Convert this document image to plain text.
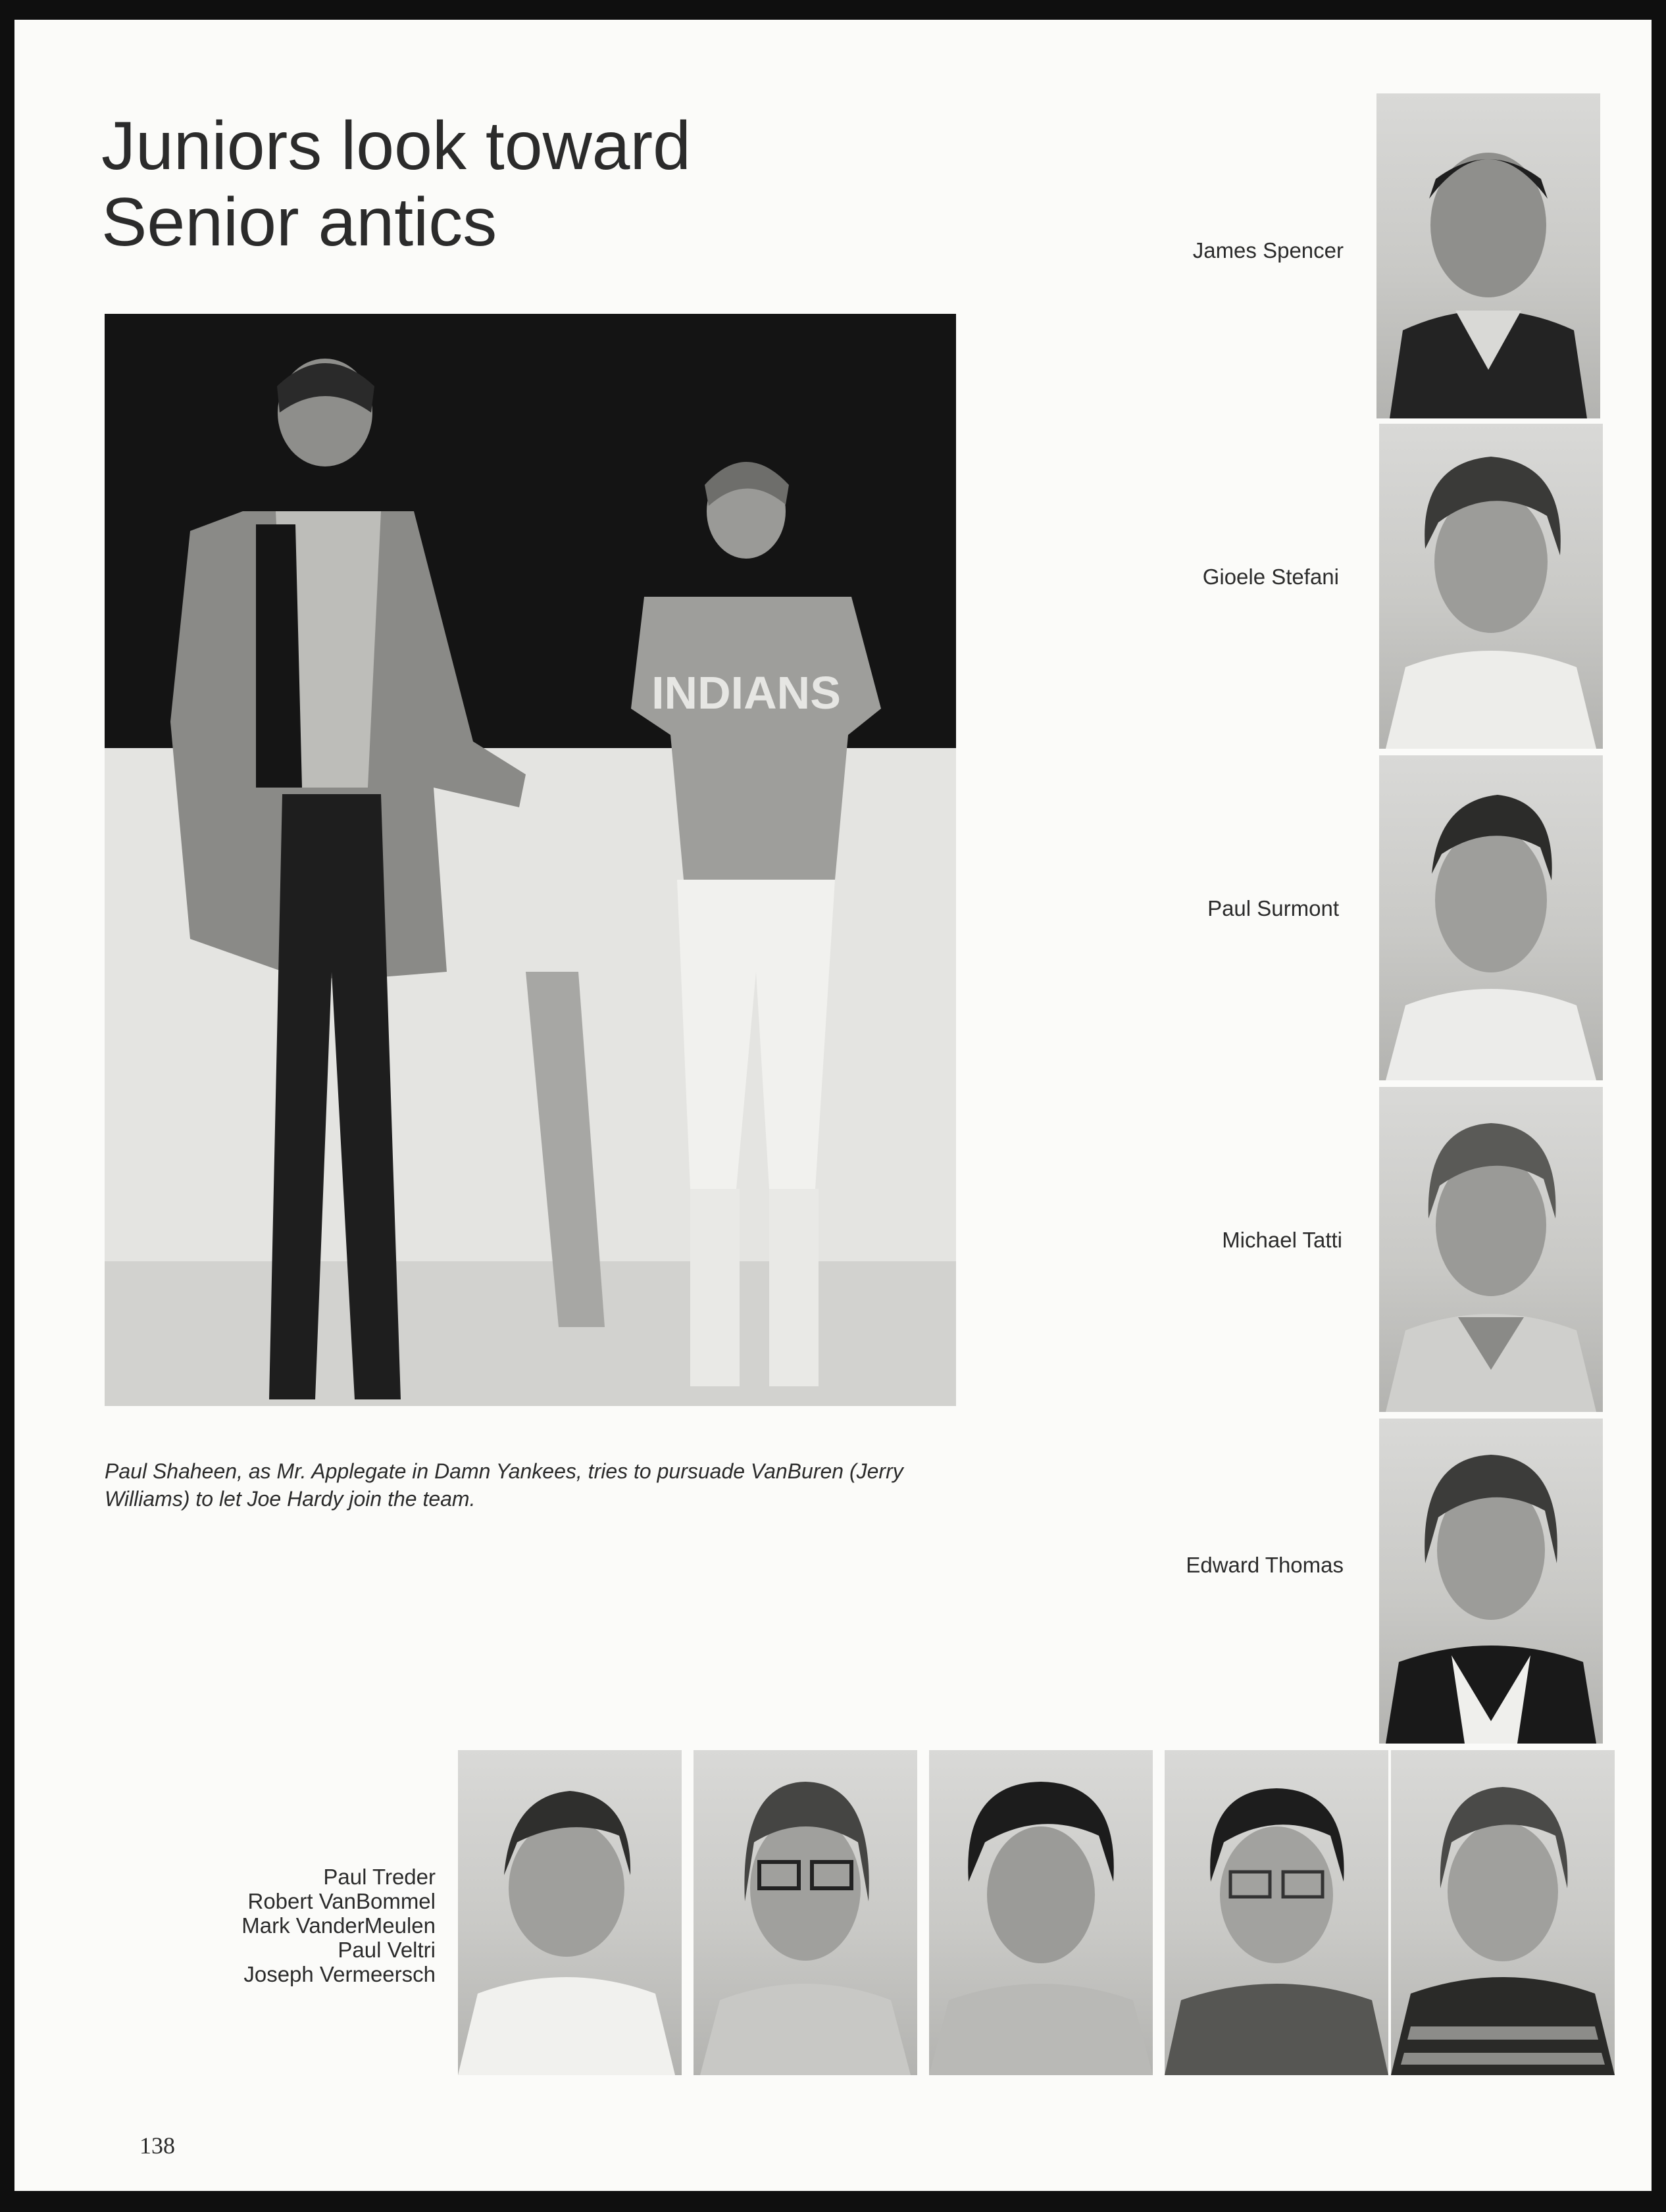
Juniors look toward
Senior antics
INDIANS

Paul Shaheen, as Mr. Applegate in Damn Yankees, tries to pursuade VanBuren (Jerry Williams) to let Joe Hardy join the team.

James Spencer
Gioele Stefani
Paul Surmont
Michael Tatti
Edward Thomas
Paul Treder
Robert VanBommel
Mark VanderMeulen
Paul Veltri
Joseph Vermeersch
138
